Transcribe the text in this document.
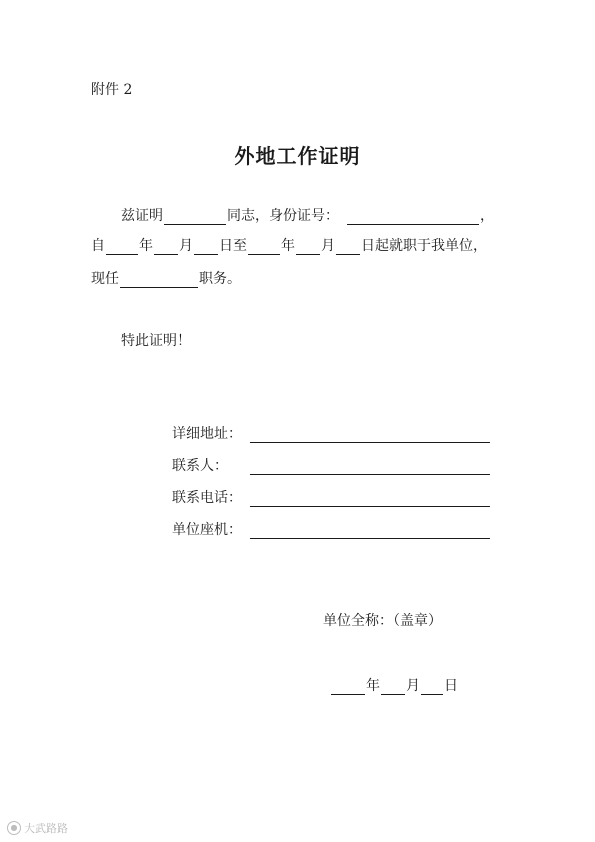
附件 2
外地工作证明
兹证明	同志，身份证号：	，
自 年 月 日至 年 月 日起就职于我单位，
现任	职务。
特此证明！
详细地址：
联系人：
联系电话：
单位座机：
单位全称：（盖章）
年 月 日
● 大武路路
